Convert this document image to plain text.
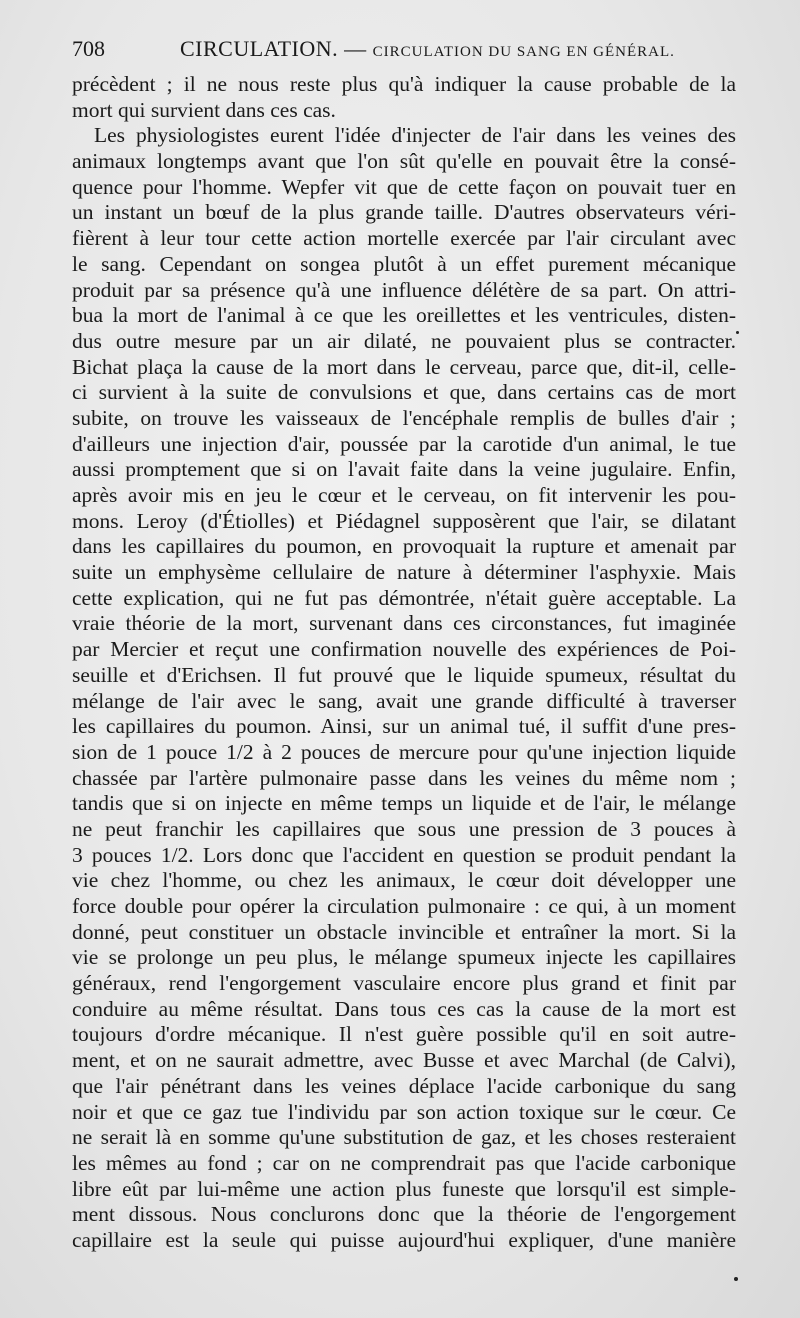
708	CIRCULATION. — CIRCULATION DU SANG EN GÉNÉRAL.
précèdent ; il ne nous reste plus qu'à indiquer la cause probable de la
mort qui survient dans ces cas.
Les physiologistes eurent l'idée d'injecter de l'air dans les veines des
animaux longtemps avant que l'on sût qu'elle en pouvait être la consé-
quence pour l'homme. Wepfer vit que de cette façon on pouvait tuer en
un instant un bœuf de la plus grande taille. D'autres observateurs véri-
fièrent à leur tour cette action mortelle exercée par l'air circulant avec
le sang. Cependant on songea plutôt à un effet purement mécanique
produit par sa présence qu'à une influence délétère de sa part. On attri-
bua la mort de l'animal à ce que les oreillettes et les ventricules, disten-
dus outre mesure par un air dilaté, ne pouvaient plus se contracter.
Bichat plaça la cause de la mort dans le cerveau, parce que, dit-il, celle-
ci survient à la suite de convulsions et que, dans certains cas de mort
subite, on trouve les vaisseaux de l'encéphale remplis de bulles d'air ;
d'ailleurs une injection d'air, poussée par la carotide d'un animal, le tue
aussi promptement que si on l'avait faite dans la veine jugulaire. Enfin,
après avoir mis en jeu le cœur et le cerveau, on fit intervenir les pou-
mons. Leroy (d'Étiolles) et Piédagnel supposèrent que l'air, se dilatant
dans les capillaires du poumon, en provoquait la rupture et amenait par
suite un emphysème cellulaire de nature à déterminer l'asphyxie. Mais
cette explication, qui ne fut pas démontrée, n'était guère acceptable. La
vraie théorie de la mort, survenant dans ces circonstances, fut imaginée
par Mercier et reçut une confirmation nouvelle des expériences de Poi-
seuille et d'Erichsen. Il fut prouvé que le liquide spumeux, résultat du
mélange de l'air avec le sang, avait une grande difficulté à traverser
les capillaires du poumon. Ainsi, sur un animal tué, il suffit d'une pres-
sion de 1 pouce 1/2 à 2 pouces de mercure pour qu'une injection liquide
chassée par l'artère pulmonaire passe dans les veines du même nom ;
tandis que si on injecte en même temps un liquide et de l'air, le mélange
ne peut franchir les capillaires que sous une pression de 3 pouces à
3 pouces 1/2. Lors donc que l'accident en question se produit pendant la
vie chez l'homme, ou chez les animaux, le cœur doit développer une
force double pour opérer la circulation pulmonaire : ce qui, à un moment
donné, peut constituer un obstacle invincible et entraîner la mort. Si la
vie se prolonge un peu plus, le mélange spumeux injecte les capillaires
généraux, rend l'engorgement vasculaire encore plus grand et finit par
conduire au même résultat. Dans tous ces cas la cause de la mort est
toujours d'ordre mécanique. Il n'est guère possible qu'il en soit autre-
ment, et on ne saurait admettre, avec Busse et avec Marchal (de Calvi),
que l'air pénétrant dans les veines déplace l'acide carbonique du sang
noir et que ce gaz tue l'individu par son action toxique sur le cœur. Ce
ne serait là en somme qu'une substitution de gaz, et les choses resteraient
les mêmes au fond ; car on ne comprendrait pas que l'acide carbonique
libre eût par lui-même une action plus funeste que lorsqu'il est simple-
ment dissous. Nous conclurons donc que la théorie de l'engorgement
capillaire est la seule qui puisse aujourd'hui expliquer, d'une manière
